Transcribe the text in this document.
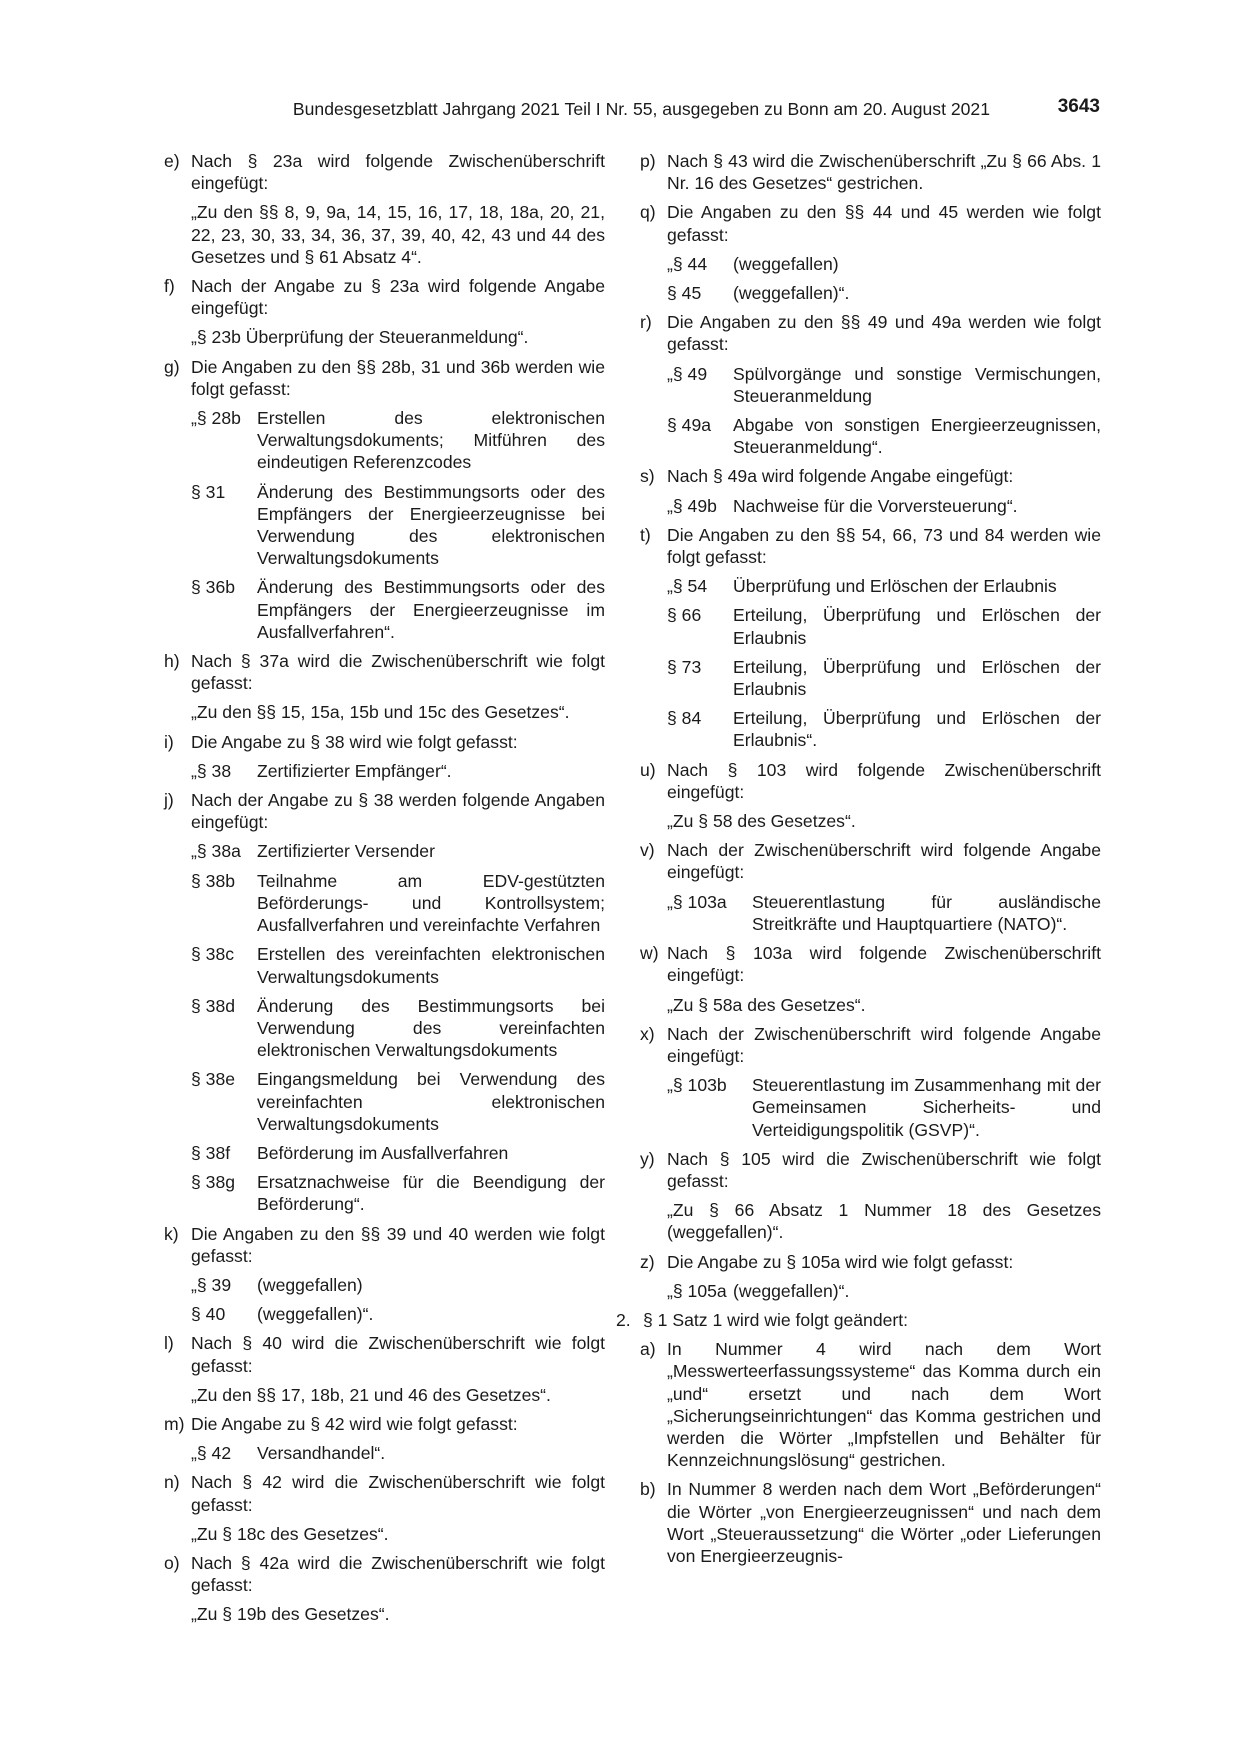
Bundesgesetzblatt Jahrgang 2021 Teil I Nr. 55, ausgegeben zu Bonn am 20. August 2021	3643
e) Nach § 23a wird folgende Zwischenüberschrift eingefügt:
„Zu den §§ 8, 9, 9a, 14, 15, 16, 17, 18, 18a, 20, 21, 22, 23, 30, 33, 34, 36, 37, 39, 40, 42, 43 und 44 des Gesetzes und § 61 Absatz 4“.
f) Nach der Angabe zu § 23a wird folgende Angabe eingefügt:
„§ 23b Überprüfung der Steueranmeldung“.
g) Die Angaben zu den §§ 28b, 31 und 36b werden wie folgt gefasst:
„§ 28b Erstellen des elektronischen Verwaltungsdokuments; Mitführen des eindeutigen Referenzcodes
§ 31	Änderung des Bestimmungsorts oder des Empfängers der Energieerzeugnisse bei Verwendung des elektronischen Verwaltungsdokuments
§ 36b	Änderung des Bestimmungsorts oder des Empfängers der Energieerzeugnisse im Ausfallverfahren“.
h) Nach § 37a wird die Zwischenüberschrift wie folgt gefasst:
„Zu den §§ 15, 15a, 15b und 15c des Gesetzes“.
i) Die Angabe zu § 38 wird wie folgt gefasst:
„§ 38	Zertifizierter Empfänger“.
j) Nach der Angabe zu § 38 werden folgende Angaben eingefügt:
„§ 38a Zertifizierter Versender
§ 38b	Teilnahme am EDV-gestützten Beförderungs- und Kontrollsystem; Ausfallverfahren und vereinfachte Verfahren
§ 38c	Erstellen des vereinfachten elektronischen Verwaltungsdokuments
§ 38d	Änderung des Bestimmungsorts bei Verwendung des vereinfachten elektronischen Verwaltungsdokuments
§ 38e	Eingangsmeldung bei Verwendung des vereinfachten elektronischen Verwaltungsdokuments
§ 38f	Beförderung im Ausfallverfahren
§ 38g	Ersatznachweise für die Beendigung der Beförderung“.
k) Die Angaben zu den §§ 39 und 40 werden wie folgt gefasst:
„§ 39	(weggefallen)
§ 40	(weggefallen)“.
l) Nach § 40 wird die Zwischenüberschrift wie folgt gefasst:
„Zu den §§ 17, 18b, 21 und 46 des Gesetzes“.
m) Die Angabe zu § 42 wird wie folgt gefasst:
„§ 42	Versandhandel“.
n) Nach § 42 wird die Zwischenüberschrift wie folgt gefasst:
„Zu § 18c des Gesetzes“.
o) Nach § 42a wird die Zwischenüberschrift wie folgt gefasst:
„Zu § 19b des Gesetzes“.
p) Nach § 43 wird die Zwischenüberschrift „Zu § 66 Abs. 1 Nr. 16 des Gesetzes“ gestrichen.
q) Die Angaben zu den §§ 44 und 45 werden wie folgt gefasst:
„§ 44	(weggefallen)
§ 45	(weggefallen)“.
r) Die Angaben zu den §§ 49 und 49a werden wie folgt gefasst:
„§ 49	Spülvorgänge und sonstige Vermischungen, Steueranmeldung
§ 49a	Abgabe von sonstigen Energieerzeugnissen, Steueranmeldung“.
s) Nach § 49a wird folgende Angabe eingefügt:
„§ 49b Nachweise für die Vorversteuerung“.
t) Die Angaben zu den §§ 54, 66, 73 und 84 werden wie folgt gefasst:
„§ 54	Überprüfung und Erlöschen der Erlaubnis
§ 66	Erteilung, Überprüfung und Erlöschen der Erlaubnis
§ 73	Erteilung, Überprüfung und Erlöschen der Erlaubnis
§ 84	Erteilung, Überprüfung und Erlöschen der Erlaubnis“.
u) Nach § 103 wird folgende Zwischenüberschrift eingefügt:
„Zu § 58 des Gesetzes“.
v) Nach der Zwischenüberschrift wird folgende Angabe eingefügt:
„§ 103a	Steuerentlastung für ausländische Streitkräfte und Hauptquartiere (NATO)“.
w) Nach § 103a wird folgende Zwischenüberschrift eingefügt:
„Zu § 58a des Gesetzes“.
x) Nach der Zwischenüberschrift wird folgende Angabe eingefügt:
„§ 103b	Steuerentlastung im Zusammenhang mit der Gemeinsamen Sicherheits- und Verteidigungspolitik (GSVP)“.
y) Nach § 105 wird die Zwischenüberschrift wie folgt gefasst:
„Zu § 66 Absatz 1 Nummer 18 des Gesetzes (weggefallen)“.
z) Die Angabe zu § 105a wird wie folgt gefasst:
„§ 105a (weggefallen)“.
2. § 1 Satz 1 wird wie folgt geändert:
a) In Nummer 4 wird nach dem Wort „Messwerteerfassungssysteme“ das Komma durch ein „und“ ersetzt und nach dem Wort „Sicherungseinrichtungen“ das Komma gestrichen und werden die Wörter „Impfstellen und Behälter für Kennzeichnungslösung“ gestrichen.
b) In Nummer 8 werden nach dem Wort „Beförderungen“ die Wörter „von Energieerzeugnissen“ und nach dem Wort „Steueraussetzung“ die Wörter „oder Lieferungen von Energieerzeugnis-
